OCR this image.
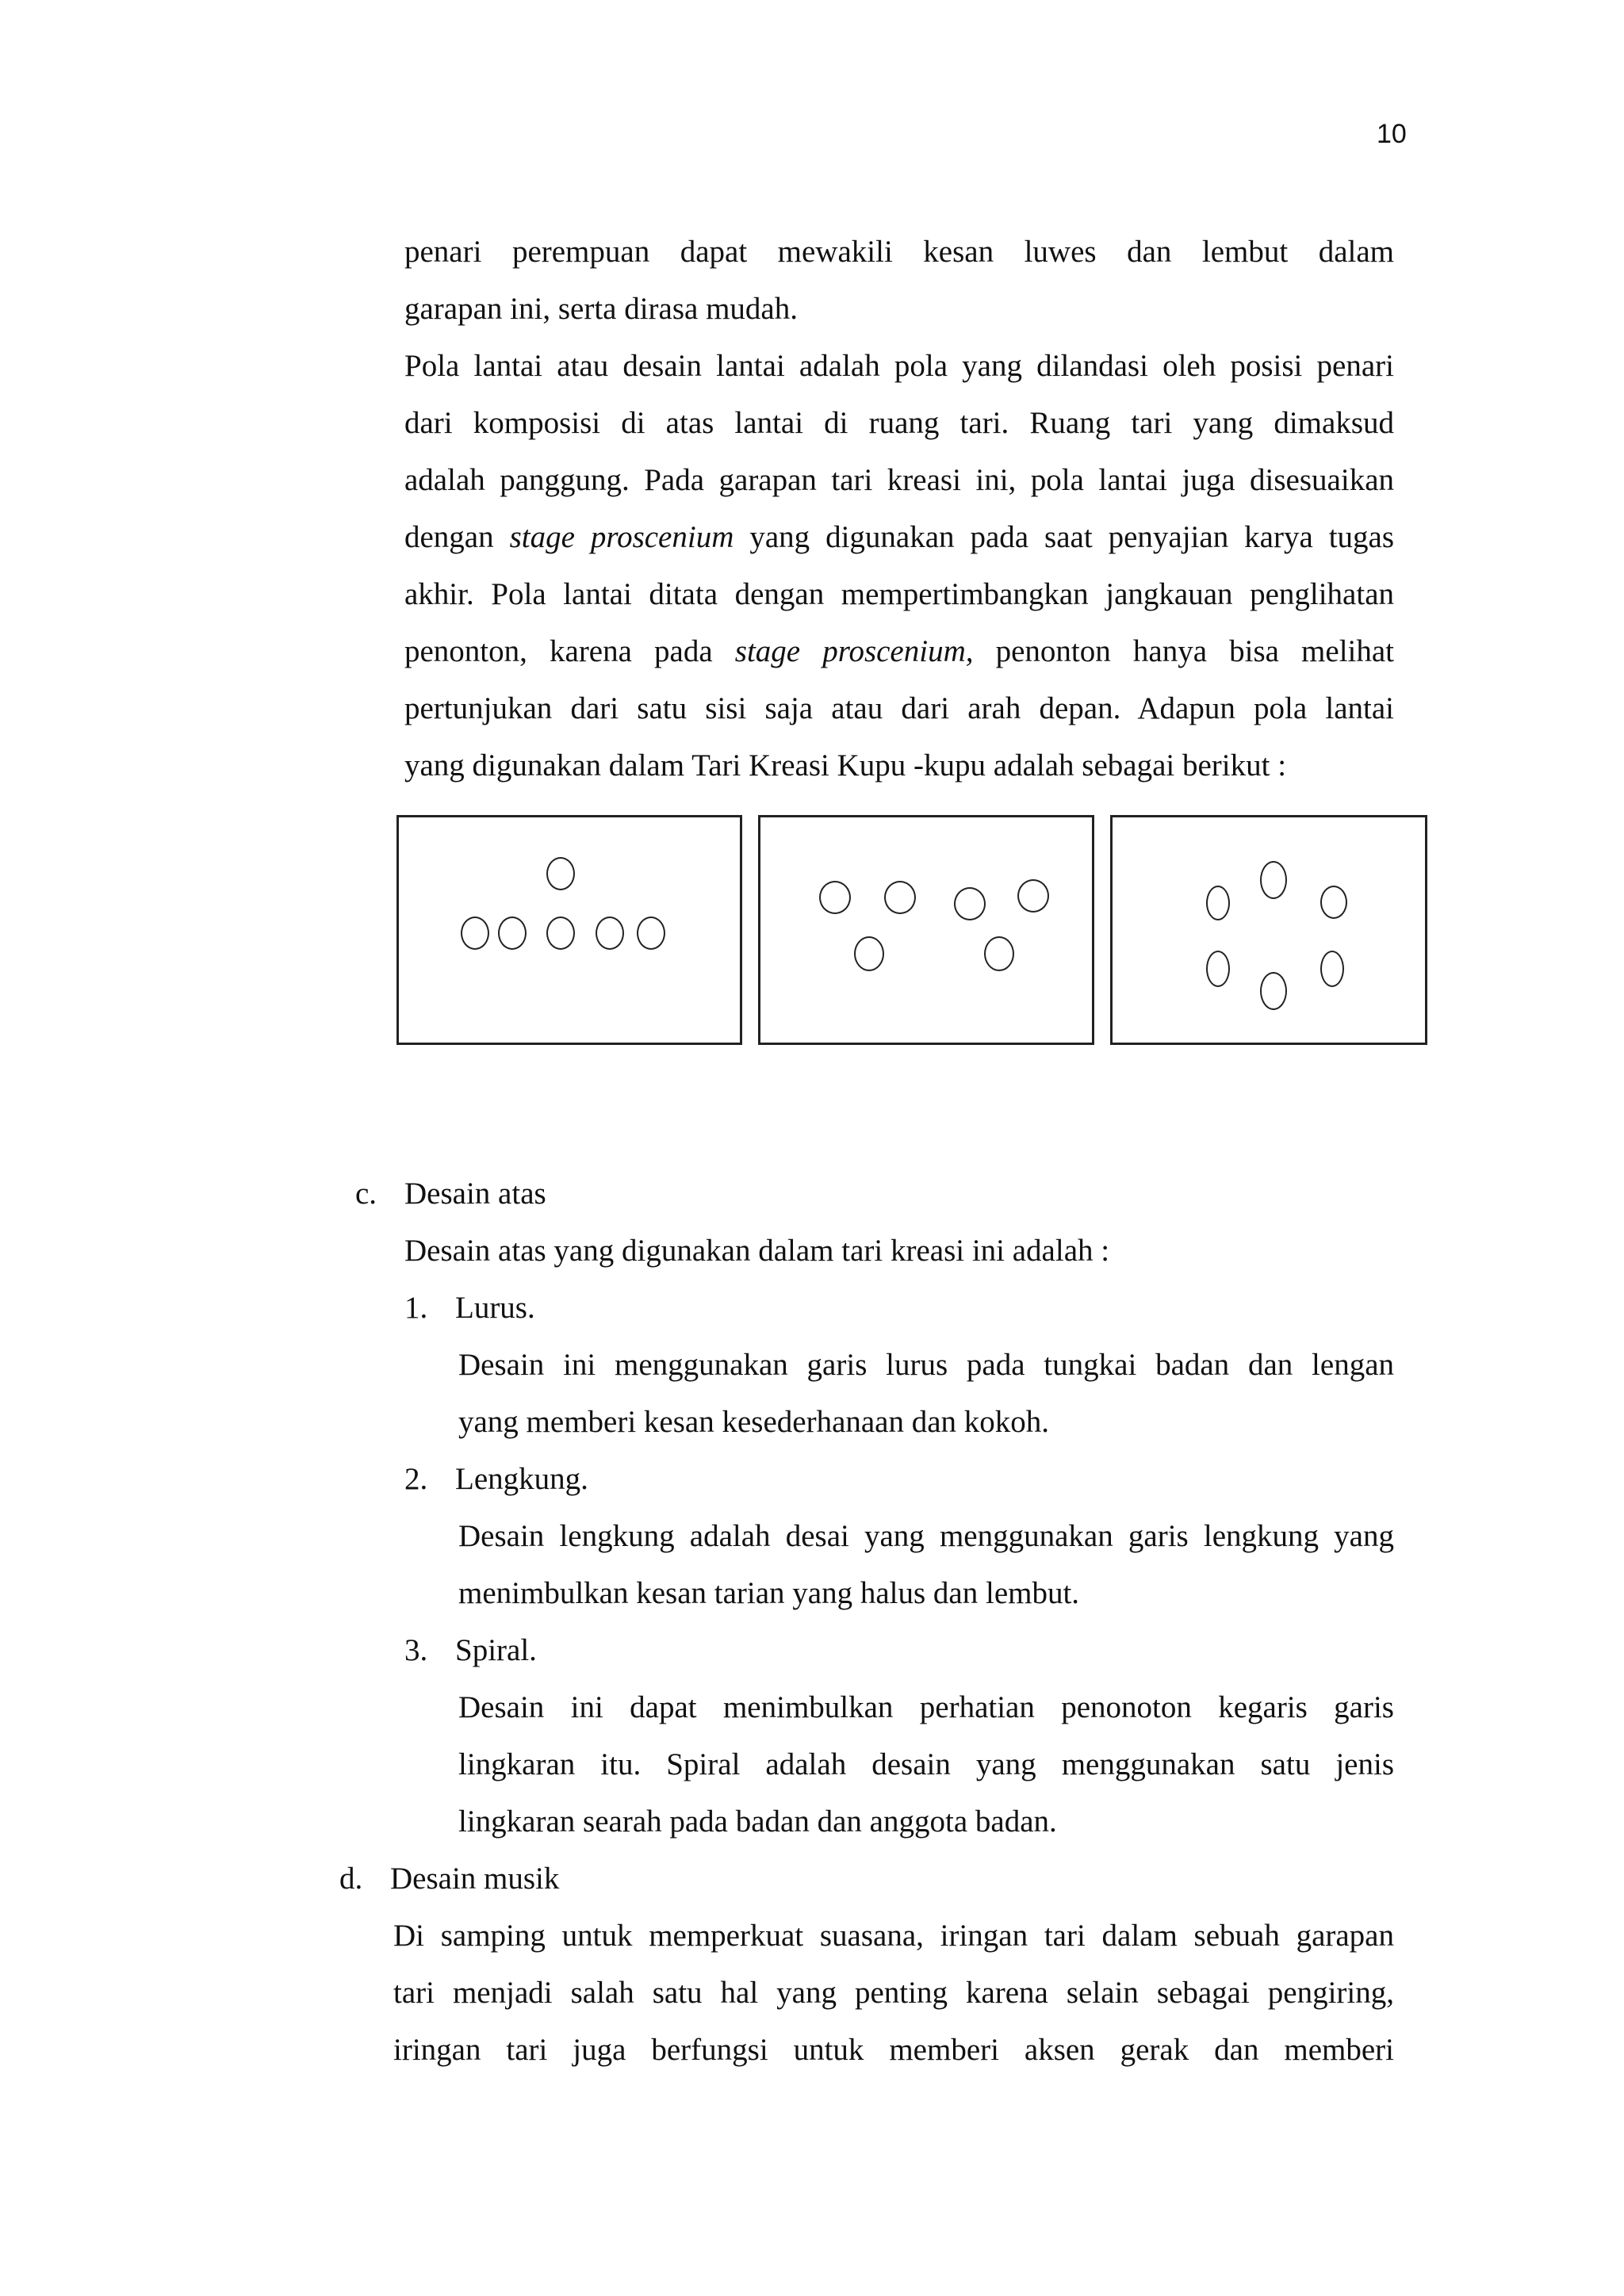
10
penari perempuan dapat mewakili kesan luwes dan lembut dalam
garapan ini, serta dirasa mudah.
Pola lantai atau desain lantai adalah pola yang dilandasi oleh posisi penari
dari komposisi di atas lantai di ruang tari. Ruang tari yang dimaksud
adalah panggung. Pada garapan tari kreasi ini, pola lantai juga disesuaikan
dengan stage proscenium yang digunakan pada saat penyajian karya tugas
akhir. Pola lantai ditata dengan mempertimbangkan jangkauan penglihatan
penonton, karena pada stage proscenium, penonton hanya bisa melihat
pertunjukan dari satu sisi saja atau dari arah depan. Adapun pola lantai
yang digunakan dalam Tari Kreasi Kupu -kupu adalah sebagai berikut :
c. Desain atas
Desain atas yang digunakan dalam tari kreasi ini adalah :
1. Lurus.
Desain ini menggunakan garis lurus pada tungkai badan dan lengan
yang memberi kesan kesederhanaan dan kokoh.
2. Lengkung.
Desain lengkung adalah desai yang menggunakan garis lengkung yang
menimbulkan kesan tarian yang halus dan lembut.
3. Spiral.
Desain ini dapat menimbulkan perhatian penonoton kegaris garis
lingkaran itu. Spiral adalah desain yang menggunakan satu jenis
lingkaran searah pada badan dan anggota badan.
d. Desain musik
Di samping untuk memperkuat suasana, iringan tari dalam sebuah garapan
tari menjadi salah satu hal yang penting karena selain sebagai pengiring,
iringan tari juga berfungsi untuk memberi aksen gerak dan memberi
